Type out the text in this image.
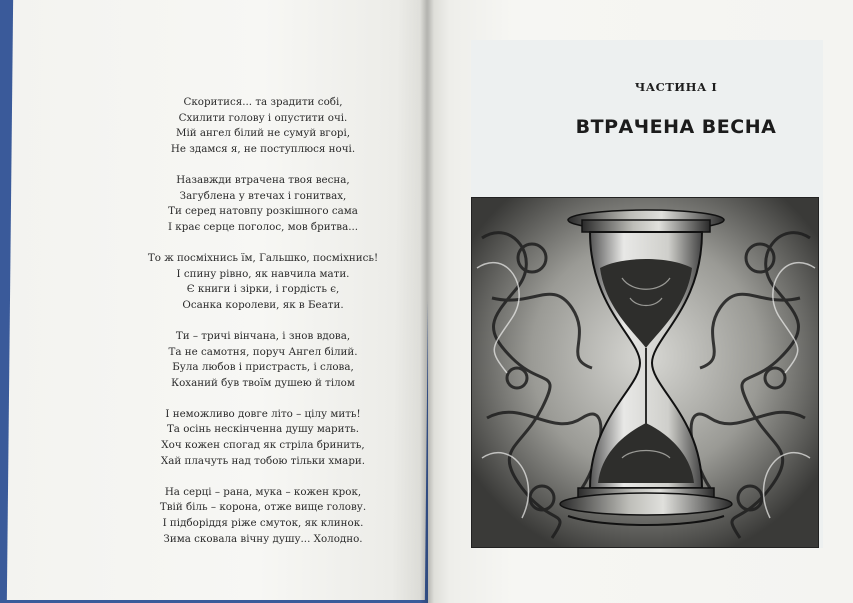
Скоритися... та зрадити собі,
Схилити голову і опустити очі.
Мій ангел білий не сумуй вгорі,
Не здамся я, не поступлюся ночі.
Назавжди втрачена твоя весна,
Загублена у втечах і гонитвах,
Ти серед натовпу розкішного сама
І крає серце поголос, мов бритва...
То ж посміхнись їм, Гальшко, посміхнись!
І спину рівно, як навчила мати.
Є книги і зірки, і гордість є,
Осанка королеви, як в Беати.
Ти – тричі вінчана, і знов вдова,
Та не самотня, поруч Ангел білий.
Була любов і пристрасть, і слова,
Коханий був твоїм душею й тілом
І неможливо довге літо – цілу мить!
Та осінь нескінченна душу марить.
Хоч кожен спогад як стріла бринить,
Хай плачуть над тобою тільки хмари.
На серці – рана, мука – кожен крок,
Твій біль – корона, отже вище голову.
І підборіддя ріже смуток, як клинок.
Зима сковала вічну душу... Холодно.
ЧАСТИНА І
ВТРАЧЕНА ВЕСНА
